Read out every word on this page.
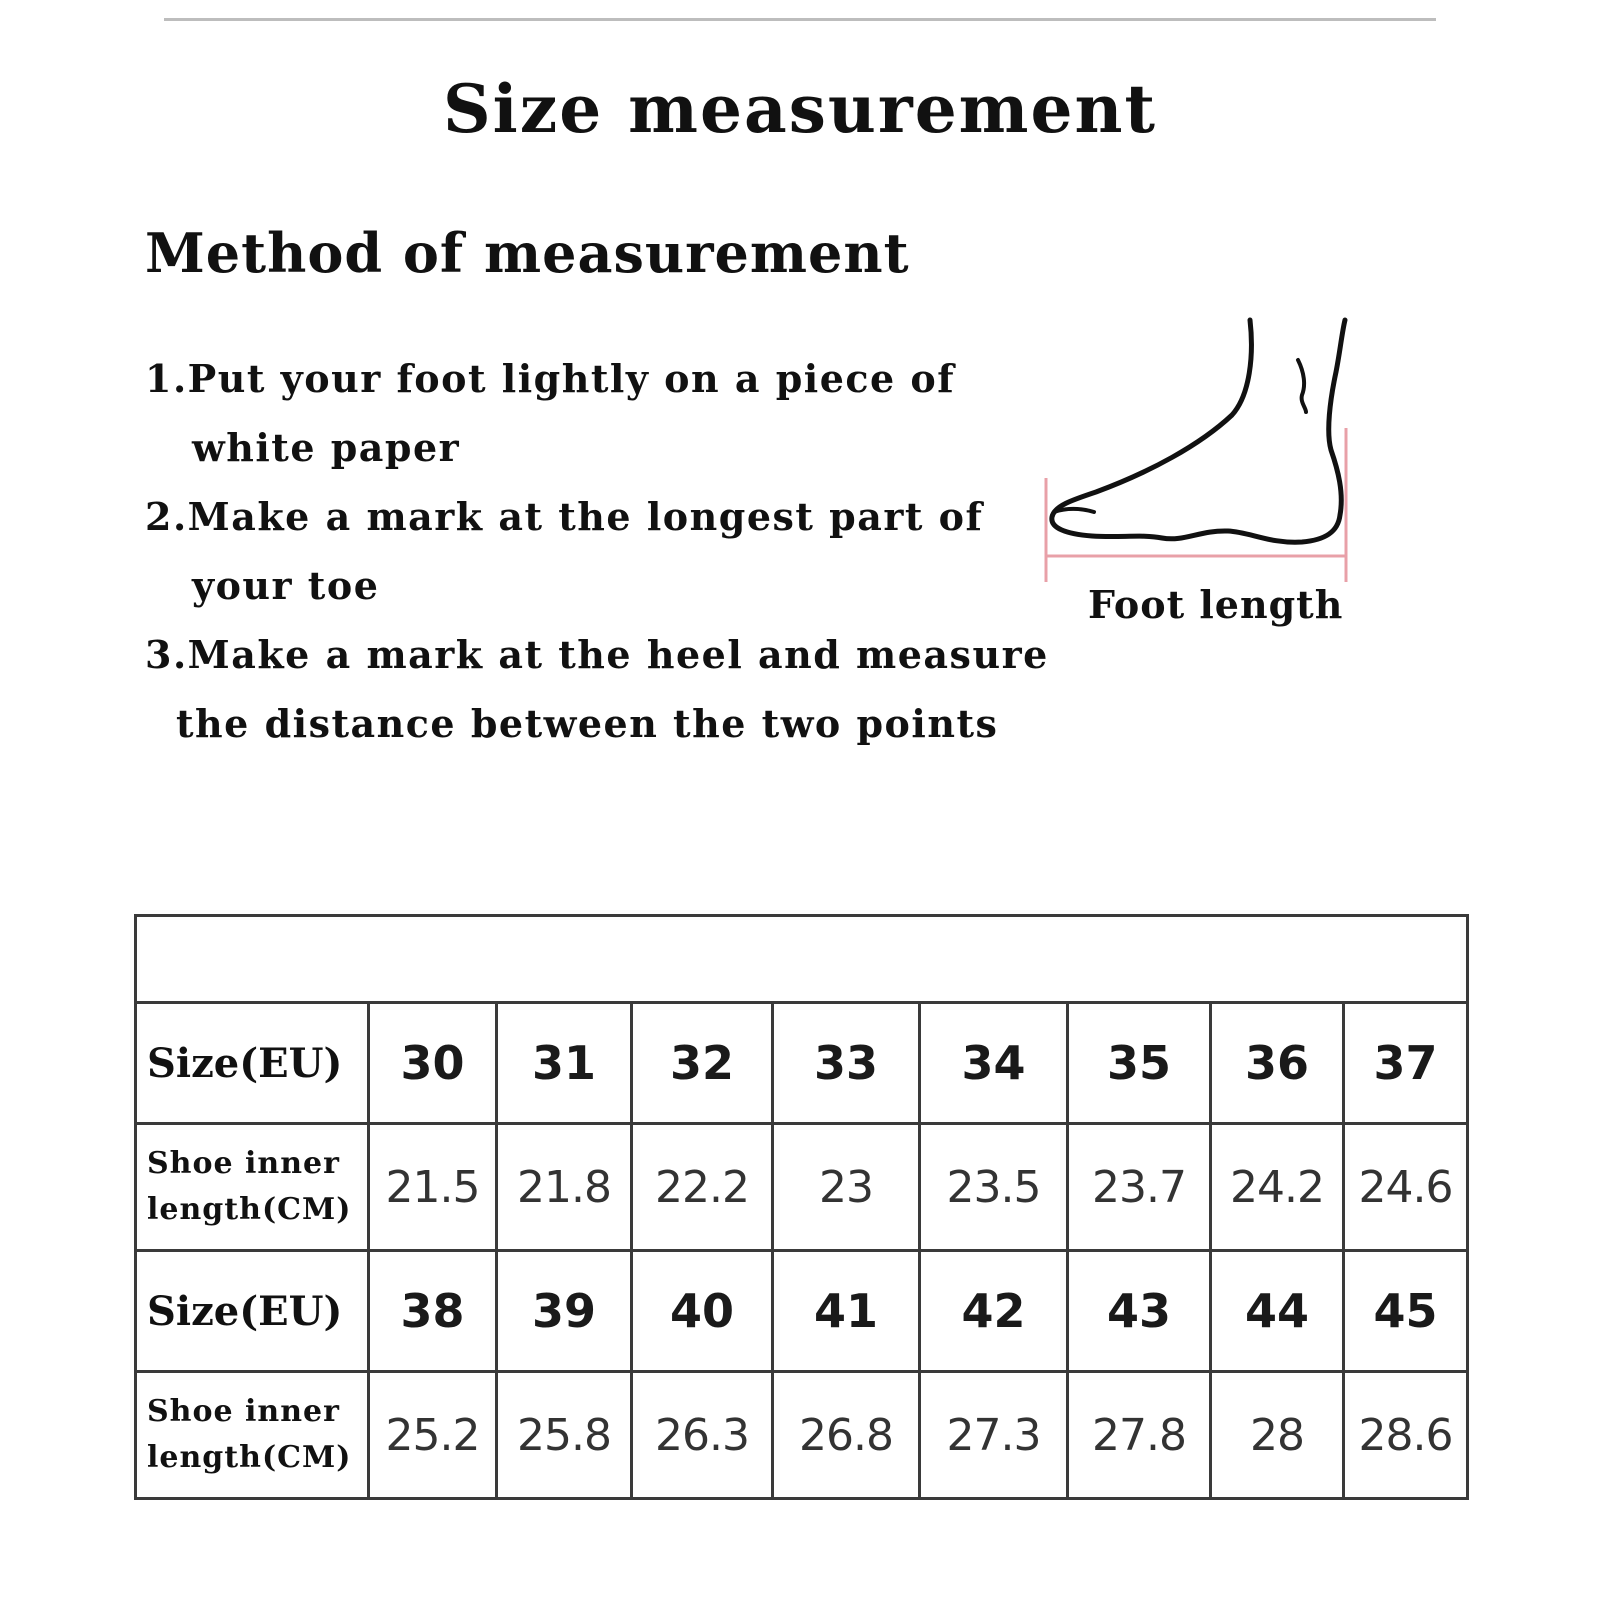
Size measurement
Method of measurement
1.Put your foot lightly on a piece of
white paper
2.Make a mark at the longest part of
your toe
3.Make a mark at the heel and measure
the distance between the two points
Foot length

Size(EU)	30	31	32	33	34	35	36	37
Shoe inner
length(CM)	21.5	21.8	22.2	23	23.5	23.7	24.2	24.6
Size(EU)	38	39	40	41	42	43	44	45
Shoe inner
length(CM)	25.2	25.8	26.3	26.8	27.3	27.8	28	28.6
